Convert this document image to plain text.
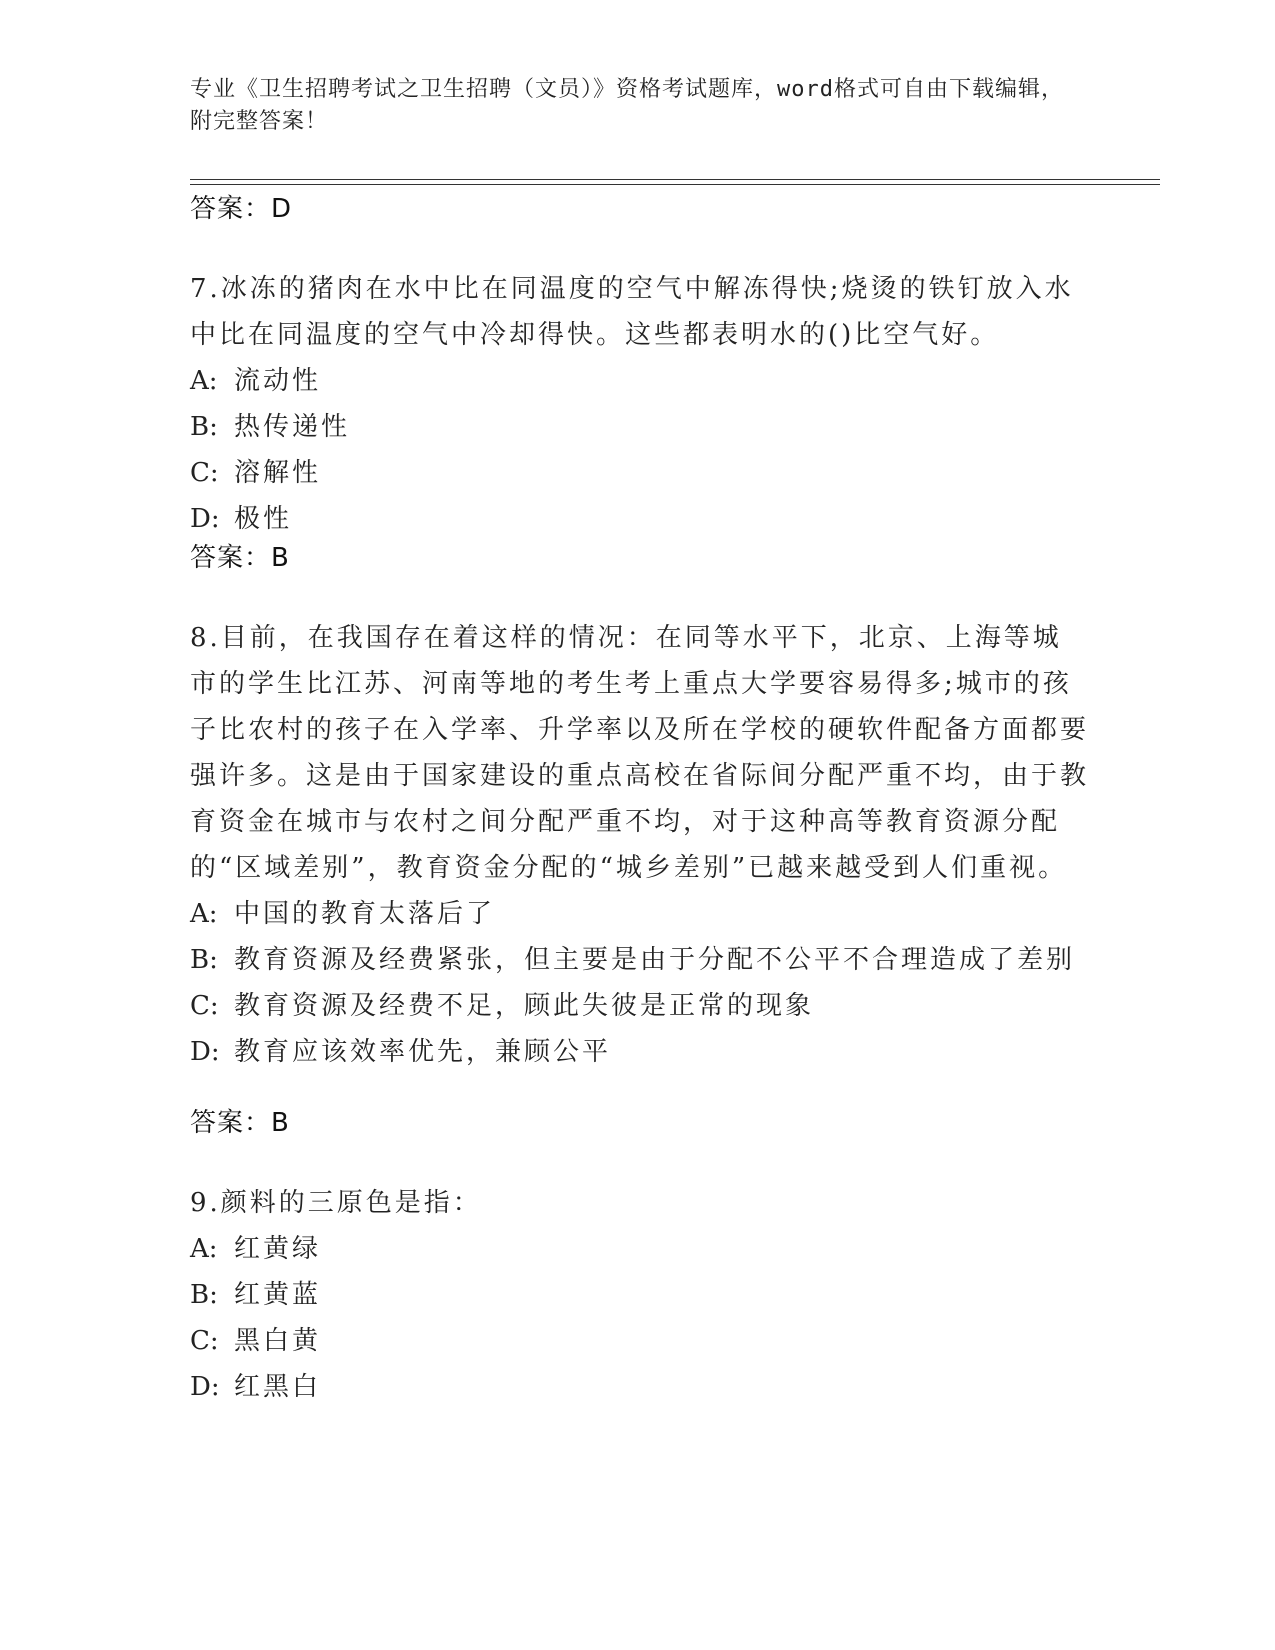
专业《卫生招聘考试之卫生招聘（文员）》资格考试题库，word格式可自由下载编辑，附完整答案！
答案：D
7.冰冻的猪肉在水中比在同温度的空气中解冻得快;烧烫的铁钉放入水中比在同温度的空气中冷却得快。这些都表明水的()比空气好。
A: 流动性
B: 热传递性
C: 溶解性
D: 极性
答案：B
8.目前，在我国存在着这样的情况：在同等水平下，北京、上海等城市的学生比江苏、河南等地的考生考上重点大学要容易得多;城市的孩子比农村的孩子在入学率、升学率以及所在学校的硬软件配备方面都要强许多。这是由于国家建设的重点高校在省际间分配严重不均，由于教育资金在城市与农村之间分配严重不均，对于这种高等教育资源分配的“区域差别”，教育资金分配的“城乡差别”已越来越受到人们重视。
A: 中国的教育太落后了
B: 教育资源及经费紧张，但主要是由于分配不公平不合理造成了差别
C: 教育资源及经费不足，顾此失彼是正常的现象
D: 教育应该效率优先，兼顾公平
答案：B
9.颜料的三原色是指：
A: 红黄绿
B: 红黄蓝
C: 黑白黄
D: 红黑白
